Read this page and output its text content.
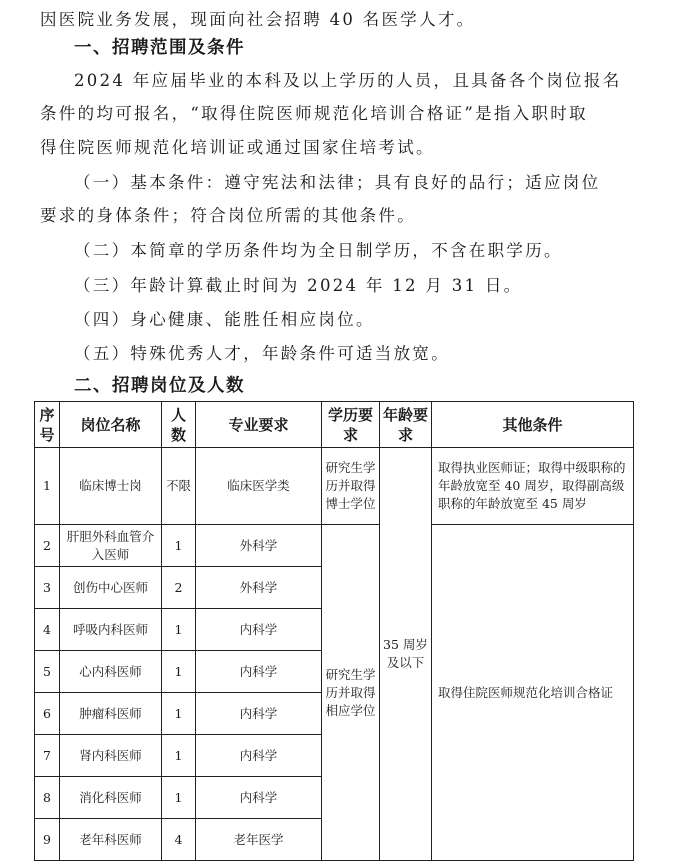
因医院业务发展，现面向社会招聘 40 名医学人才。
一、招聘范围及条件
2024 年应届毕业的本科及以上学历的人员，且具备各个岗位报名
条件的均可报名，“取得住院医师规范化培训合格证”是指入职时取
得住院医师规范化培训证或通过国家住培考试。
（一）基本条件：遵守宪法和法律；具有良好的品行；适应岗位
要求的身体条件；符合岗位所需的其他条件。
（二）本简章的学历条件均为全日制学历，不含在职学历。
（三）年龄计算截止时间为 2024 年 12 月 31 日。
（四）身心健康、能胜任相应岗位。
（五）特殊优秀人才，年龄条件可适当放宽。
二、招聘岗位及人数
序号	岗位名称	人数	专业要求	学历要求	年龄要求	其他条件
1	临床博士岗	不限	临床医学类	研究生学历并取得博士学位	35 周岁及以下	取得执业医师证；取得中级职称的年龄放宽至 40 周岁，取得副高级职称的年龄放宽至 45 周岁
2	肝胆外科血管介入医师	1	外科学	研究生学历并取得相应学位		取得住院医师规范化培训合格证
3	创伤中心医师	2	外科学			
4	呼吸内科医师	1	内科学			
5	心内科医师	1	内科学			
6	肿瘤科医师	1	内科学			
7	肾内科医师	1	内科学			
8	消化科医师	1	内科学			
9	老年科医师	4	老年医学			
